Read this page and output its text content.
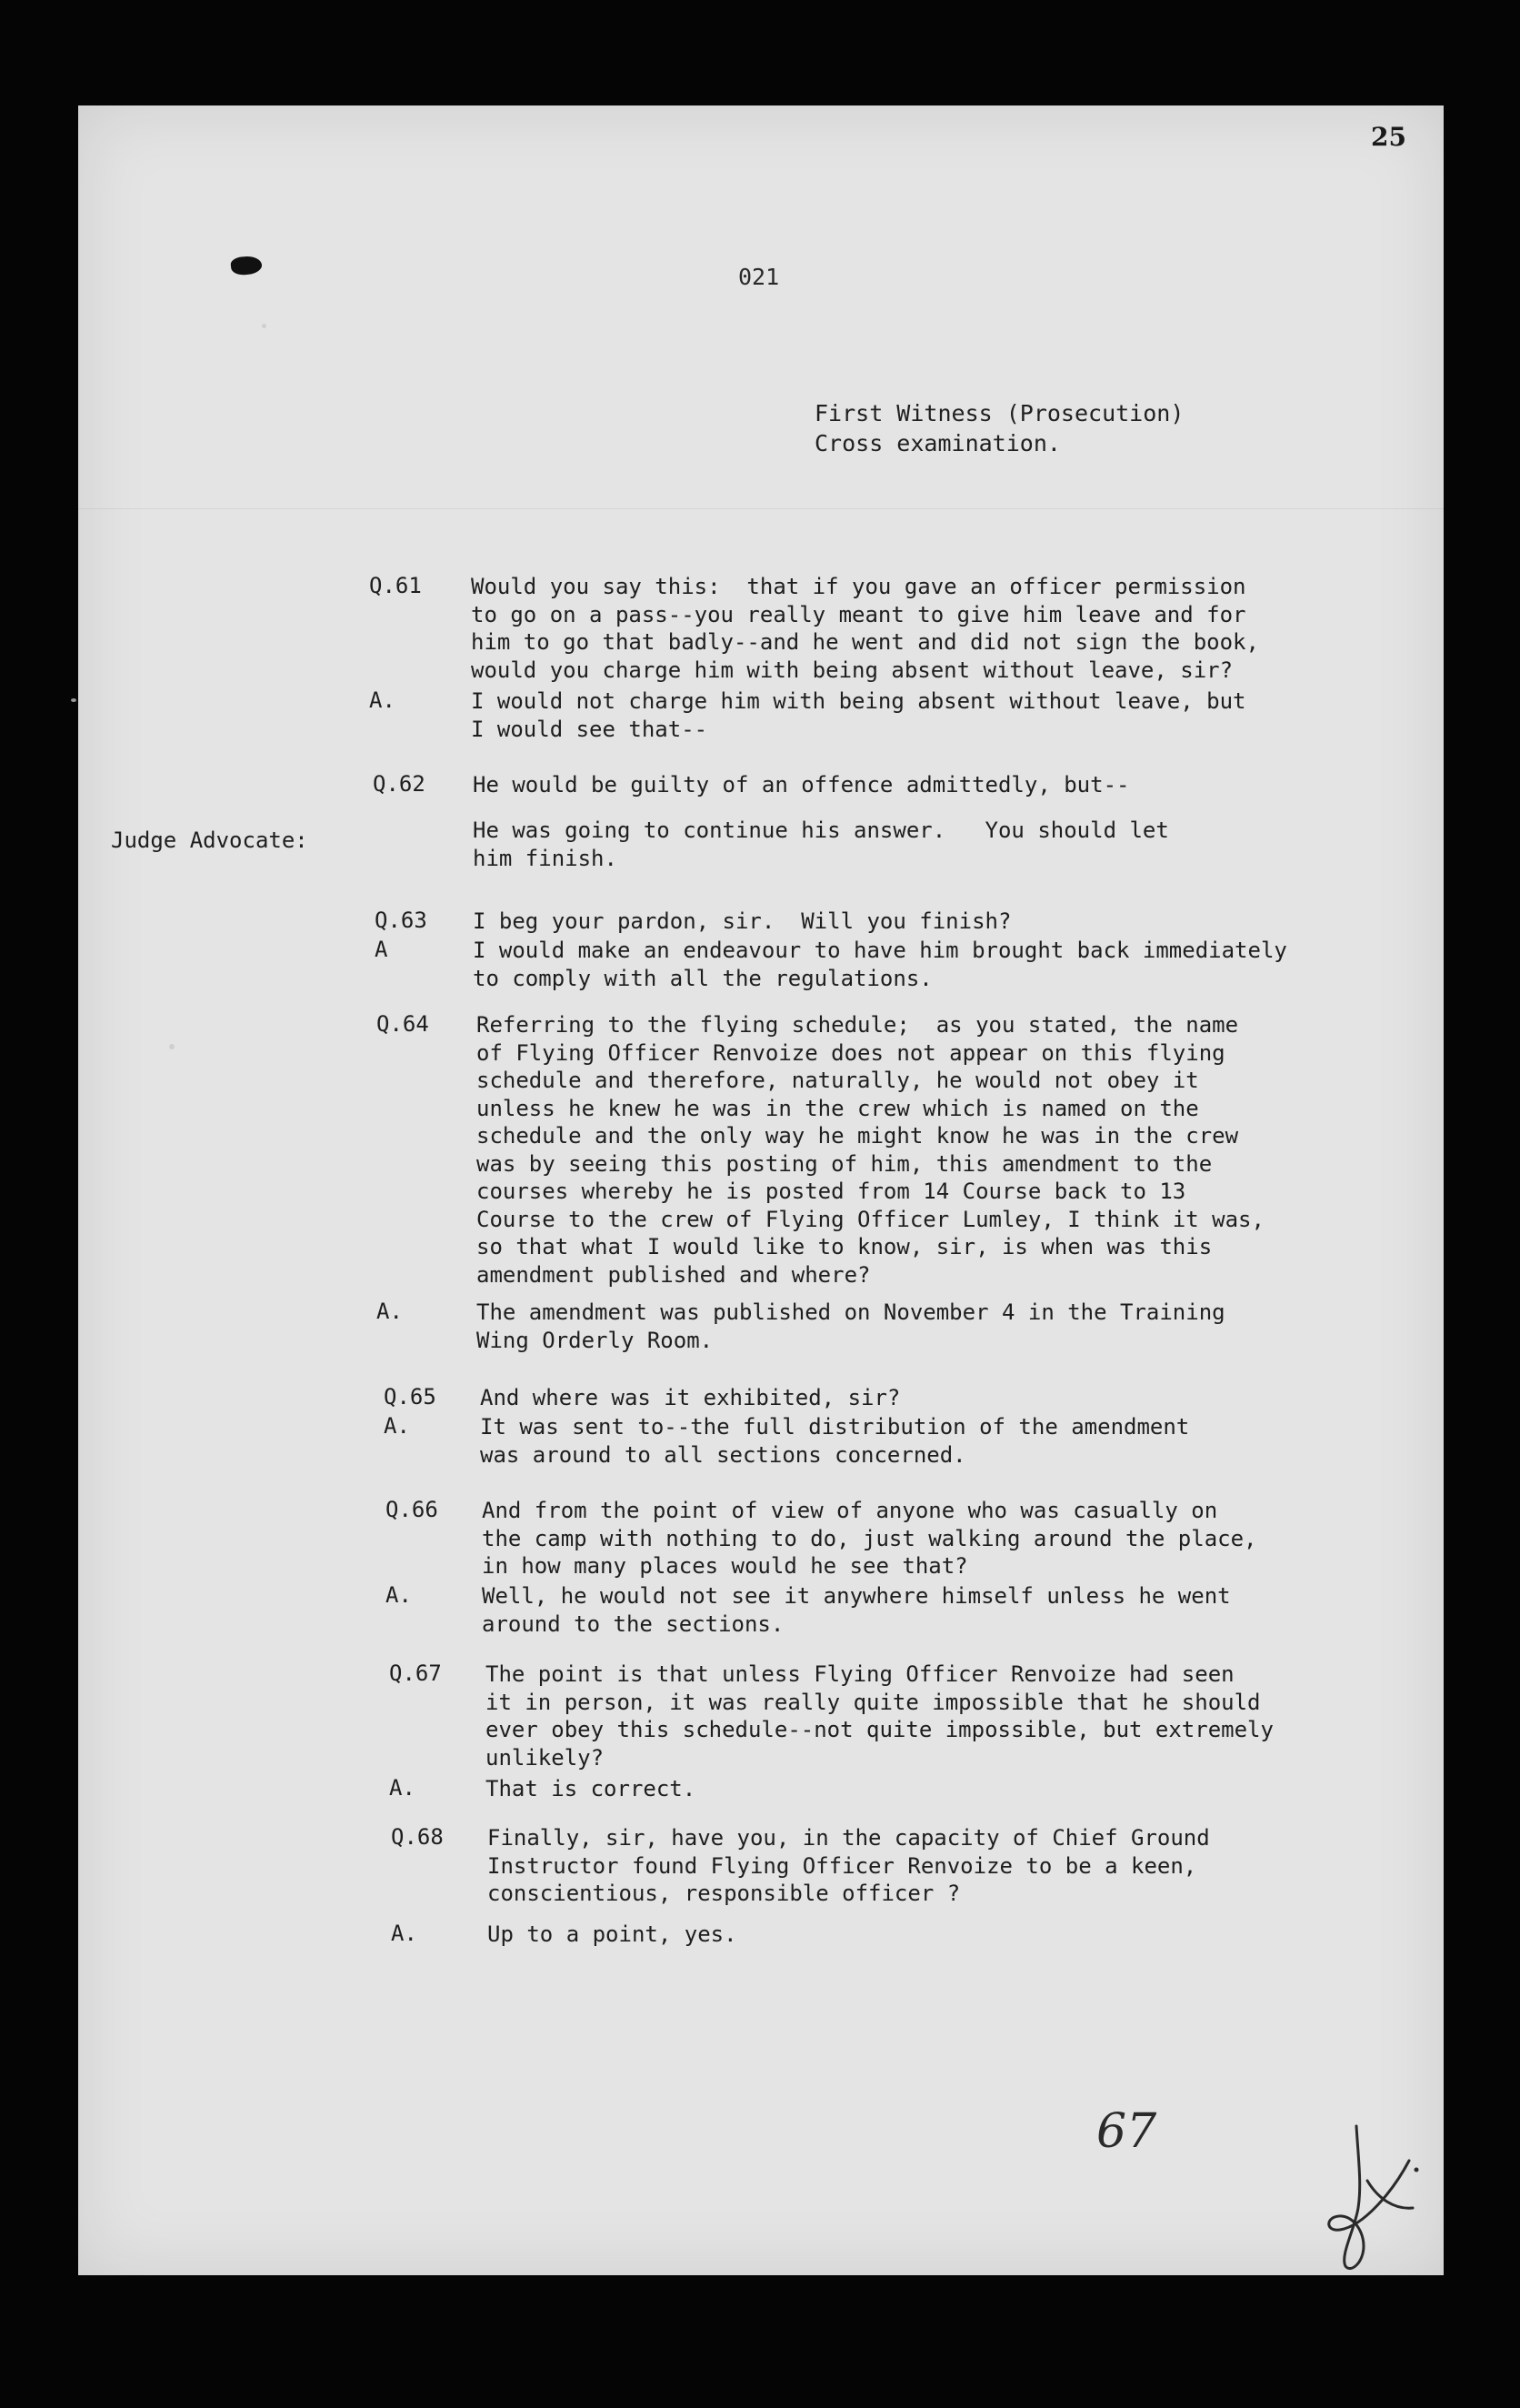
25
021
First Witness (Prosecution)
Cross examination.
Judge Advocate:
Q.61 Would you say this:  that if you gave an officer permission
to go on a pass--you really meant to give him leave and for
him to go that badly--and he went and did not sign the book,
would you charge him with being absent without leave, sir?
A.	I would not charge him with being absent without leave, but
I would see that--
Q.62 He would be guilty of an offence admittedly, but--
He was going to continue his answer.   You should let
him finish.
Q.63 I beg your pardon, sir.  Will you finish?
A	I would make an endeavour to have him brought back immediately
to comply with all the regulations.
Q.64 Referring to the flying schedule;  as you stated, the name
of Flying Officer Renvoize does not appear on this flying
schedule and therefore, naturally, he would not obey it
unless he knew he was in the crew which is named on the
schedule and the only way he might know he was in the crew
was by seeing this posting of him, this amendment to the
courses whereby he is posted from 14 Course back to 13
Course to the crew of Flying Officer Lumley, I think it was,
so that what I would like to know, sir, is when was this
amendment published and where?
A.	The amendment was published on November 4 in the Training
Wing Orderly Room.
Q.65 And where was it exhibited, sir?
A.	It was sent to--the full distribution of the amendment
was around to all sections concerned.
Q.66 And from the point of view of anyone who was casually on
the camp with nothing to do, just walking around the place,
in how many places would he see that?
A.	Well, he would not see it anywhere himself unless he went
around to the sections.
Q.67 The point is that unless Flying Officer Renvoize had seen
it in person, it was really quite impossible that he should
ever obey this schedule--not quite impossible, but extremely
unlikely?
A.	That is correct.
Q.68 Finally, sir, have you, in the capacity of Chief Ground
Instructor found Flying Officer Renvoize to be a keen,
conscientious, responsible officer ?
A.	Up to a point, yes.
67
